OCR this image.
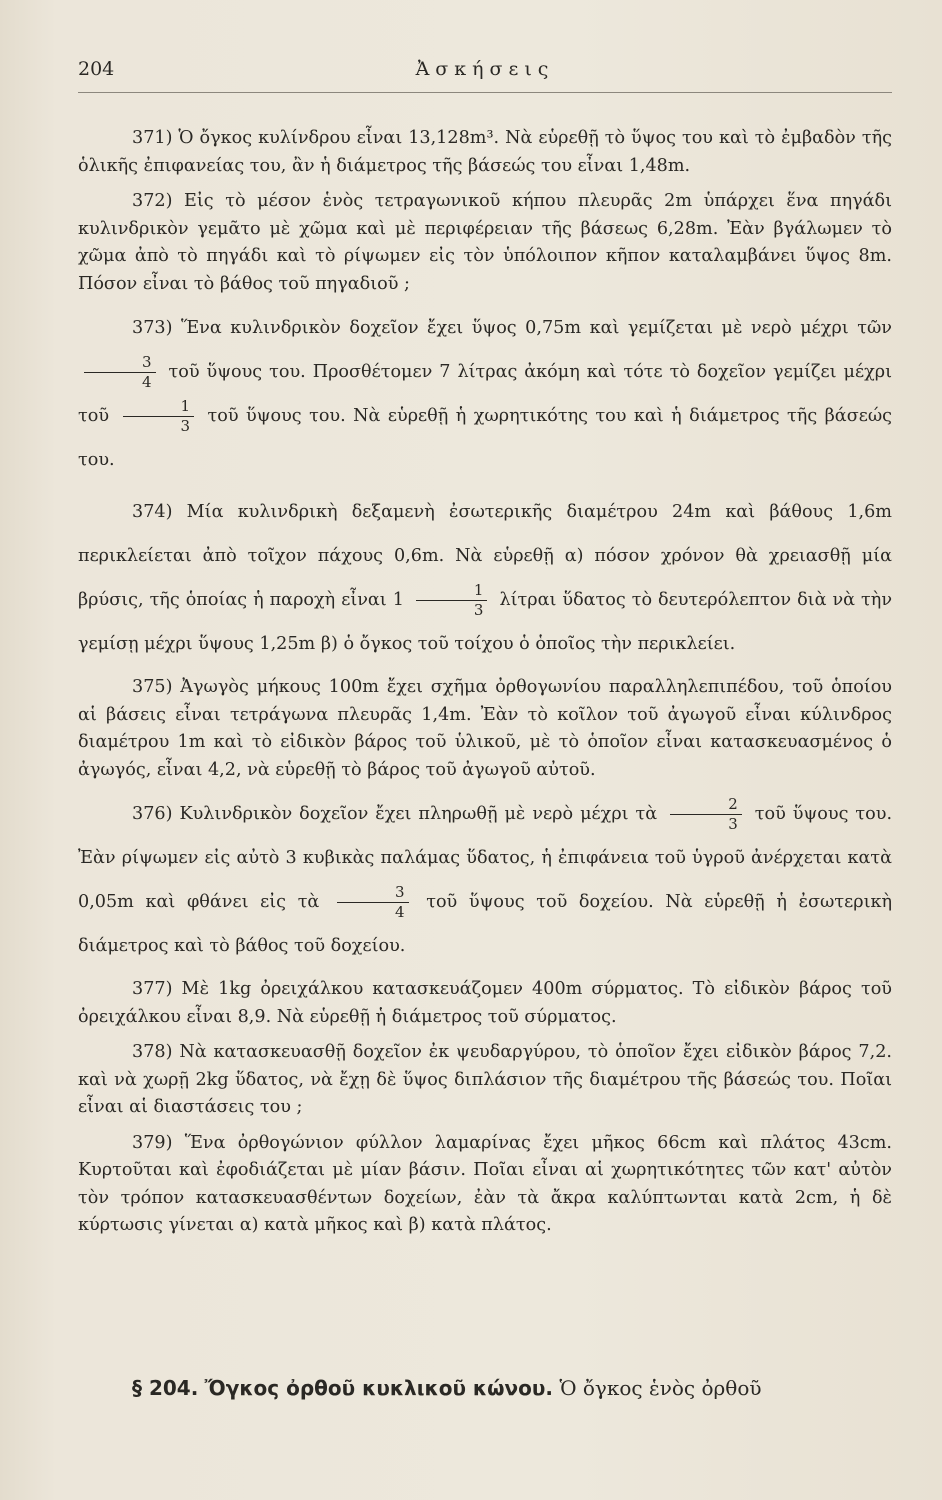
204	Ἀσκήσεις

371) Ὁ ὄγκος κυλίνδρου εἶναι 13,128m³. Νὰ εὑρεθῇ τὸ ὕψος του καὶ τὸ ἐμβαδὸν τῆς ὁλικῆς ἐπιφανείας του, ἂν ἡ διάμετρος τῆς βάσεώς του εἶναι 1,48m.

372) Εἰς τὸ μέσον ἑνὸς τετραγωνικοῦ κήπου πλευρᾶς 2m ὑπάρχει ἕνα πηγάδι κυλινδρικὸν γεμᾶτο μὲ χῶμα καὶ μὲ περιφέρειαν τῆς βάσεως 6,28m. Ἐὰν βγάλωμεν τὸ χῶμα ἀπὸ τὸ πηγάδι καὶ τὸ ρίψωμεν εἰς τὸν ὑπόλοιπον κῆπον καταλαμβάνει ὕψος 8m. Πόσον εἶναι τὸ βάθος τοῦ πηγαδιοῦ ;

373) Ἕνα κυλινδρικὸν δοχεῖον ἔχει ὕψος 0,75m καὶ γεμίζεται μὲ νερὸ μέχρι τῶν
$\frac{3}{4}$ τοῦ ὕψους του. Προσθέτομεν 7 λίτρας ἀκόμη καὶ τότε τὸ δοχεῖον γεμίζει μέχρι τοῦ $\frac{1}{3}$ τοῦ ὕψους του. Νὰ εὑρεθῇ ἡ χωρητικότης του καὶ ἡ διάμετρος τῆς βάσεώς του.

374) Μία κυλινδρικὴ δεξαμενὴ ἐσωτερικῆς διαμέτρου 24m καὶ βάθους 1,6m περικλείεται ἀπὸ τοῖχον πάχους 0,6m. Νὰ εὑρεθῇ α) πόσον χρόνον θὰ χρειασθῇ μία βρύσις, τῆς ὁποίας ἡ παροχὴ εἶναι $1 \frac{1}{3}$ λίτραι ὕδατος τὸ δευτερόλεπτον διὰ νὰ τὴν γεμίσῃ μέχρι ὕψους 1,25m β) ὁ ὄγκος τοῦ τοίχου ὁ ὁποῖος τὴν περικλείει.

375) Ἀγωγὸς μήκους 100m ἔχει σχῆμα ὀρθογωνίου παραλληλεπιπέδου, τοῦ ὁποίου αἱ βάσεις εἶναι τετράγωνα πλευρᾶς 1,4m. Ἐὰν τὸ κοῖλον τοῦ ἀγωγοῦ εἶναι κύλινδρος διαμέτρου 1m καὶ τὸ εἰδικὸν βάρος τοῦ ὑλικοῦ, μὲ τὸ ὁποῖον εἶναι κατασκευασμένος ὁ ἀγωγός, εἶναι 4,2, νὰ εὑρεθῇ τὸ βάρος τοῦ ἀγωγοῦ αὐτοῦ.

376) Κυλινδρικὸν δοχεῖον ἔχει πληρωθῇ μὲ νερὸ μέχρι τὰ $\frac{2}{3}$ τοῦ ὕψους του. Ἐὰν ρίψωμεν εἰς αὐτὸ 3 κυβικὰς παλάμας ὕδατος, ἡ ἐπιφάνεια τοῦ ὑγροῦ ἀνέρχεται κατὰ 0,05m καὶ φθάνει εἰς τὰ $\frac{3}{4}$ τοῦ ὕψους τοῦ δοχείου. Νὰ εὑρεθῇ ἡ ἐσωτερικὴ διάμετρος καὶ τὸ βάθος τοῦ δοχείου.

377) Μὲ 1kg ὀρειχάλκου κατασκευάζομεν 400m σύρματος. Τὸ εἰδικὸν βάρος τοῦ ὀρειχάλκου εἶναι 8,9. Νὰ εὑρεθῇ ἡ διάμετρος τοῦ σύρματος.

378) Νὰ κατασκευασθῇ δοχεῖον ἐκ ψευδαργύρου, τὸ ὁποῖον ἔχει εἰδικὸν βάρος 7,2. καὶ νὰ χωρῇ 2kg ὕδατος, νὰ ἔχῃ δὲ ὕψος διπλάσιον τῆς διαμέτρου τῆς βάσεώς του. Ποῖαι εἶναι αἱ διαστάσεις του ;

379) Ἕνα ὀρθογώνιον φύλλον λαμαρίνας ἔχει μῆκος 66cm καὶ πλάτος 43cm. Κυρτοῦται καὶ ἐφοδιάζεται μὲ μίαν βάσιν. Ποῖαι εἶναι αἱ χωρητικότητες τῶν κατ' αὐτὸν τὸν τρόπον κατασκευασθέντων δοχείων, ἐὰν τὰ ἄκρα καλύπτωνται κατὰ 2cm, ἡ δὲ κύρτωσις γίνεται α) κατὰ μῆκος καὶ β) κατὰ πλάτος.

§ 204. Ὄγκος ὀρθοῦ κυκλικοῦ κώνου. Ὁ ὄγκος ἑνὸς ὀρθοῦ
